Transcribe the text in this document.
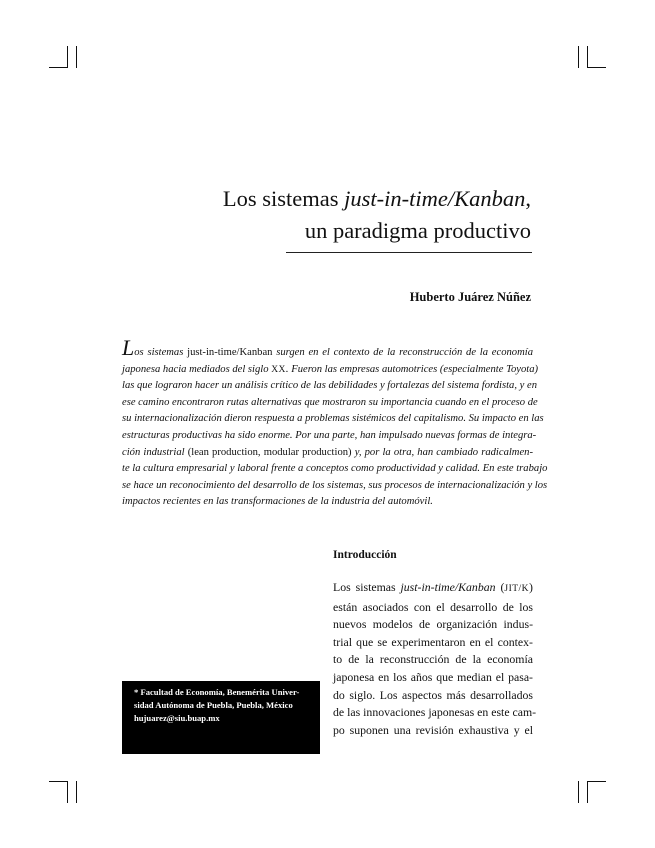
Los sistemas just-in-time/Kanban,
un paradigma productivo
Huberto Juárez Núñez
Los sistemas just-in-time/Kanban surgen en el contexto de la reconstrucción de la economía
japonesa hacia mediados del siglo XX. Fueron las empresas automotrices (especialmente Toyota)
las que lograron hacer un análisis crítico de las debilidades y fortalezas del sistema fordista, y en
ese camino encontraron rutas alternativas que mostraron su importancia cuando en el proceso de
su internacionalización dieron respuesta a problemas sistémicos del capitalismo. Su impacto en las
estructuras productivas ha sido enorme. Por una parte, han impulsado nuevas formas de integra-
ción industrial (lean production, modular production) y, por la otra, han cambiado radicalmen-
te la cultura empresarial y laboral frente a conceptos como productividad y calidad. En este trabajo
se hace un reconocimiento del desarrollo de los sistemas, sus procesos de internacionalización y los
impactos recientes en las transformaciones de la industria del automóvil.
Introducción
Los sistemas just-in-time/Kanban (JIT/K)
están asociados con el desarrollo de los
nuevos modelos de organización indus-
trial que se experimentaron en el contex-
to de la reconstrucción de la economía
japonesa en los años que median el pasa-
do siglo. Los aspectos más desarrollados
de las innovaciones japonesas en este cam-
po suponen una revisión exhaustiva y el
* Facultad de Economía, Benemérita Univer-
sidad Autónoma de Puebla, Puebla, México
hujuarez@siu.buap.mx
